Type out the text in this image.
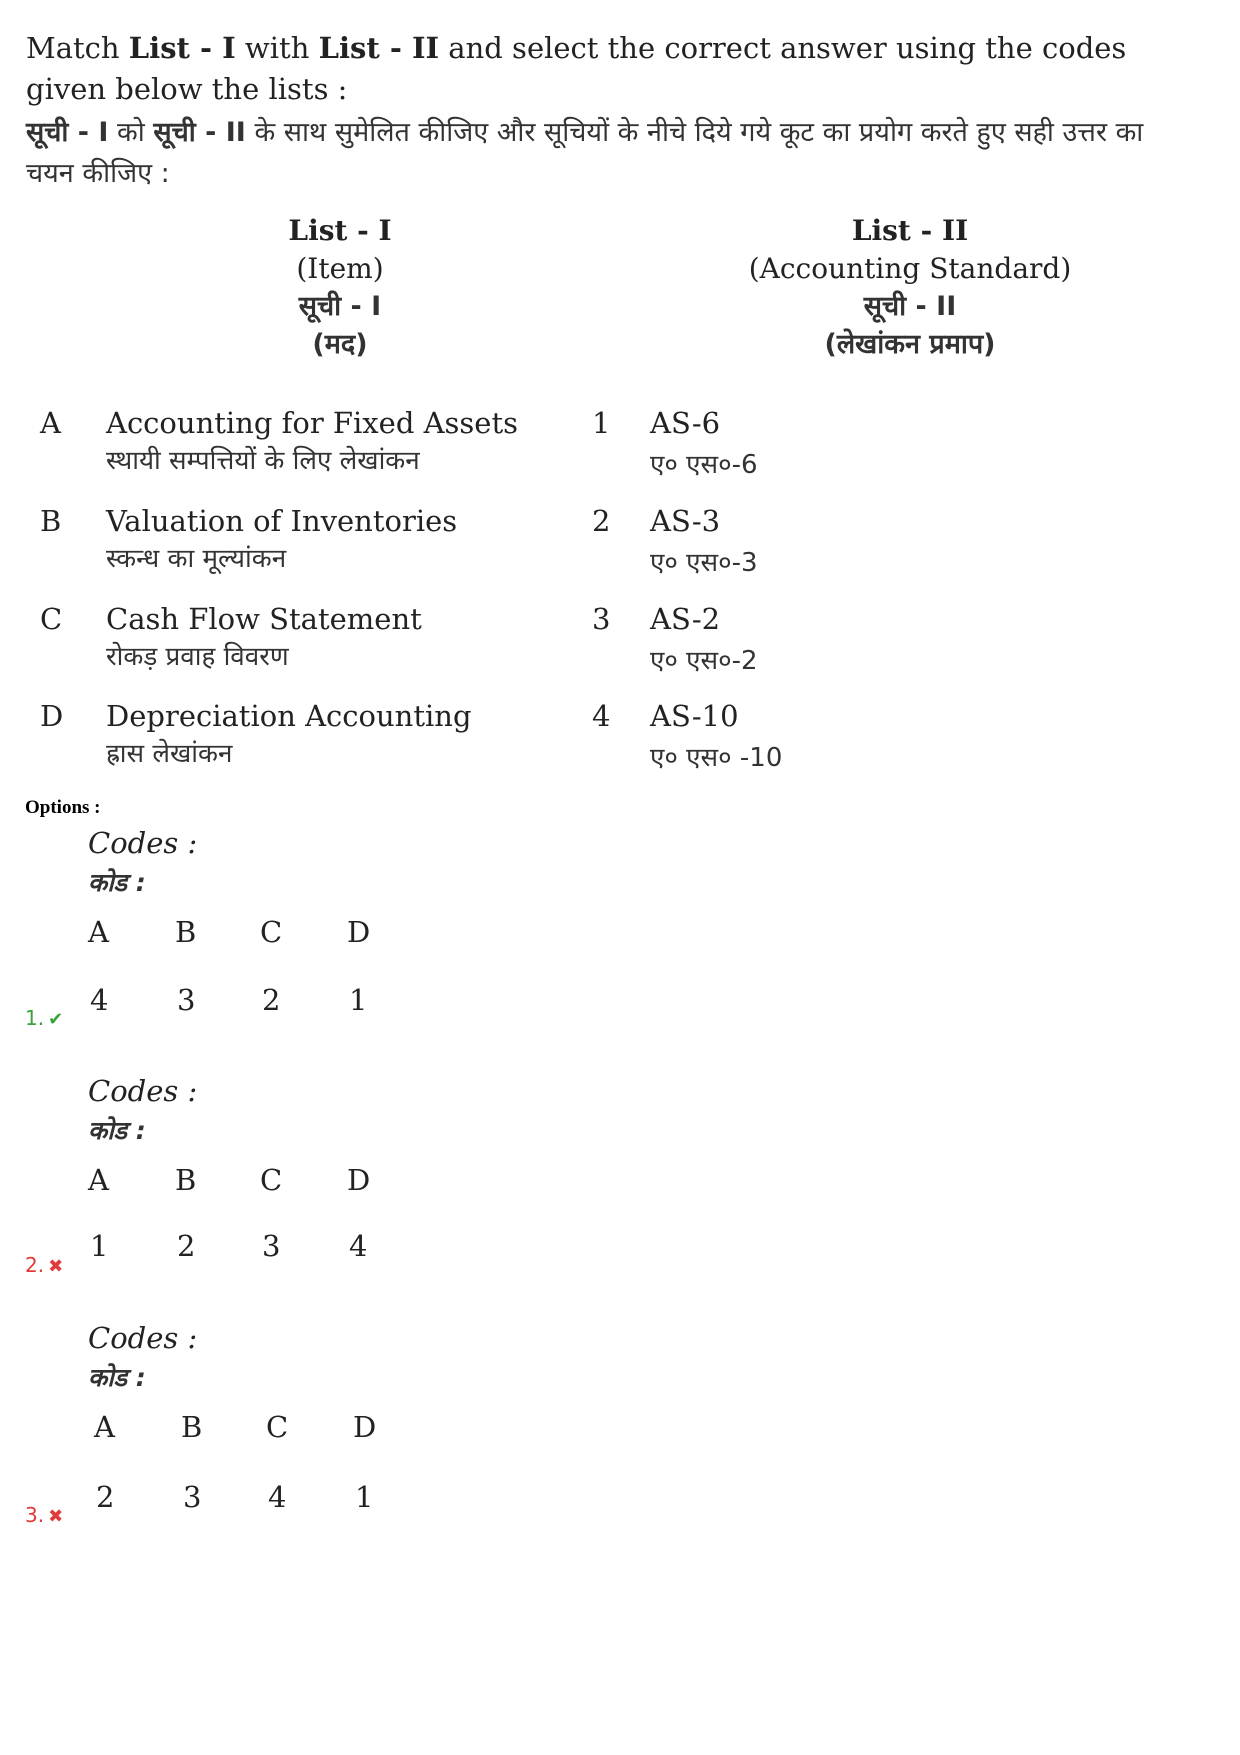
Match List - I with List - II and select the correct answer using the codes given below the lists :
सूची - I को सूची - II के साथ सुमेलित कीजिए और सूचियों के नीचे दिये गये कूट का प्रयोग करते हुए सही उत्तर का चयन कीजिए :
List - I
(Item)
सूची - I
(मद)
List - II
(Accounting Standard)
सूची - II
(लेखांकन प्रमाप)
A Accounting for Fixed Assets
स्थायी सम्पत्तियों के लिए लेखांकन
B Valuation of Inventories
स्कन्ध का मूल्यांकन
C Cash Flow Statement
रोकड़ प्रवाह विवरण
D Depreciation Accounting
ह्रास लेखांकन
1 AS-6
ए० एस०-6
2 AS-3
ए० एस०-3
3 AS-2
ए० एस०-2
4 AS-10
ए० एस० -10
Options :
Codes :
कोड :
A B C D
4 3 2 1
1. ✔
Codes :
कोड :
A B C D
1 2 3 4
2. ✖
Codes :
कोड :
A B C D
2 3 4 1
3. ✖
